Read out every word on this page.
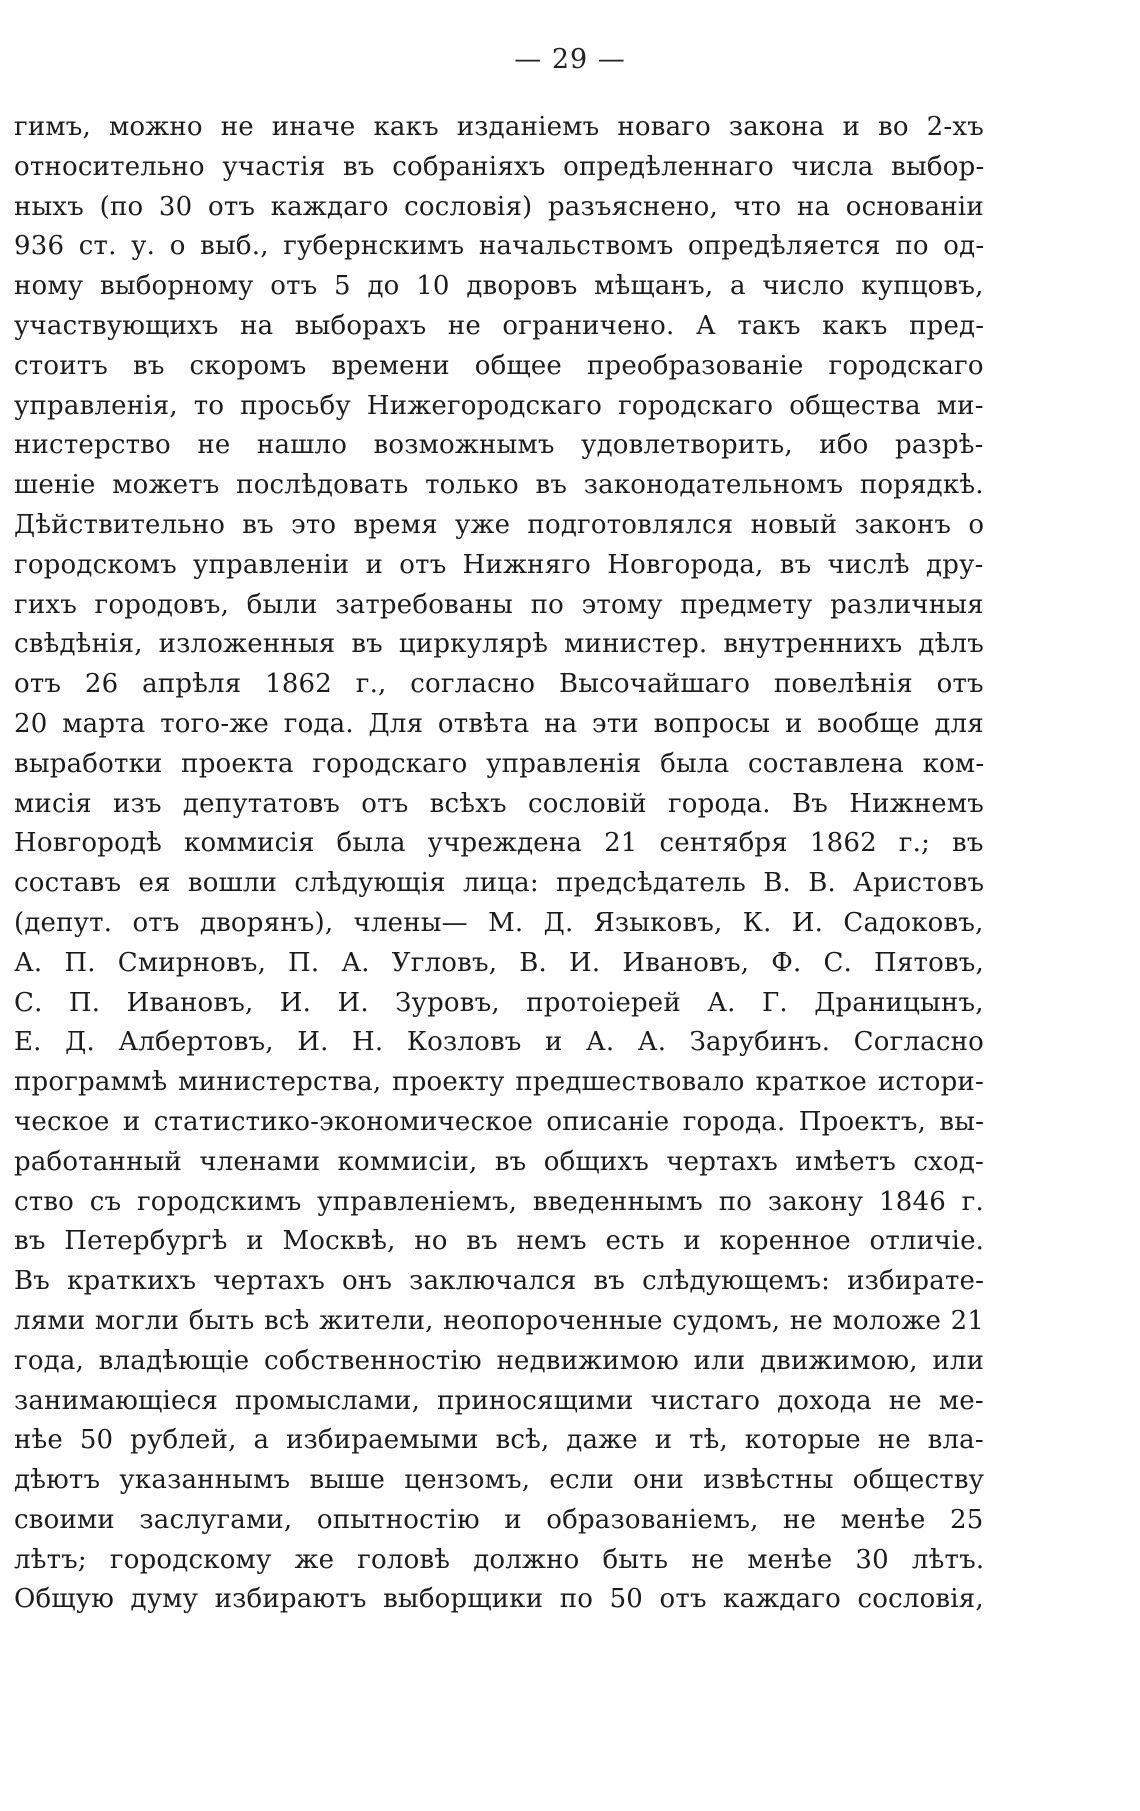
— 29 —
гимъ, можно не иначе какъ изданіемъ новаго закона и во 2-хъ
относительно участія въ собраніяхъ опредѣленнаго числа выбор-
ныхъ (по 30 отъ каждаго сословія) разъяснено, что на основаніи
936 ст. у. о выб., губернскимъ начальствомъ опредѣляется по од-
ному выборному отъ 5 до 10 дворовъ мѣщанъ, а число купцовъ,
участвующихъ на выборахъ не ограничено. А такъ какъ пред-
стоитъ въ скоромъ времени общее преобразованіе городскаго
управленія, то просьбу Нижегородскаго городскаго общества ми-
нистерство не нашло возможнымъ удовлетворить, ибо разрѣ-
шеніе можетъ послѣдовать только въ законодательномъ порядкѣ.
Дѣйствительно въ это время уже подготовлялся новый законъ о
городскомъ управленіи и отъ Нижняго Новгорода, въ числѣ дру-
гихъ городовъ, были затребованы по этому предмету различныя
свѣдѣнія, изложенныя въ циркулярѣ министер. внутреннихъ дѣлъ
отъ 26 апрѣля 1862 г., согласно Высочайшаго повелѣнія отъ
20 марта того-же года. Для отвѣта на эти вопросы и вообще для
выработки проекта городскаго управленія была составлена ком-
мисія изъ депутатовъ отъ всѣхъ сословій города. Въ Нижнемъ
Новгородѣ коммисія была учреждена 21 сентября 1862 г.; въ
составъ ея вошли слѣдующія лица: предсѣдатель В. В. Аристовъ
(депут. отъ дворянъ), члены— М. Д. Языковъ, К. И. Садоковъ,
А. П. Смирновъ, П. А. Угловъ, В. И. Ивановъ, Ф. С. Пятовъ,
С. П. Ивановъ, И. И. Зуровъ, протоіерей А. Г. Драницынъ,
Е. Д. Албертовъ, И. Н. Козловъ и А. А. Зарубинъ. Согласно
программѣ министерства, проекту предшествовало краткое истори-
ческое и статистико-экономическое описаніе города. Проектъ, вы-
работанный членами коммисіи, въ общихъ чертахъ имѣетъ сход-
ство съ городскимъ управленіемъ, введеннымъ по закону 1846 г.
въ Петербургѣ и Москвѣ, но въ немъ есть и коренное отличіе.
Въ краткихъ чертахъ онъ заключался въ слѣдующемъ: избирате-
лями могли быть всѣ жители, неопороченные судомъ, не моложе 21
года, владѣющіе собственностію недвижимою или движимою, или
занимающіеся промыслами, приносящими чистаго дохода не ме-
нѣе 50 рублей, а избираемыми всѣ, даже и тѣ, которые не вла-
дѣютъ указаннымъ выше цензомъ, если они извѣстны обществу
своими заслугами, опытностію и образованіемъ, не менѣе 25
лѣтъ; городскому же головѣ должно быть не менѣе 30 лѣтъ.
Общую думу избираютъ выборщики по 50 отъ каждаго сословія,
